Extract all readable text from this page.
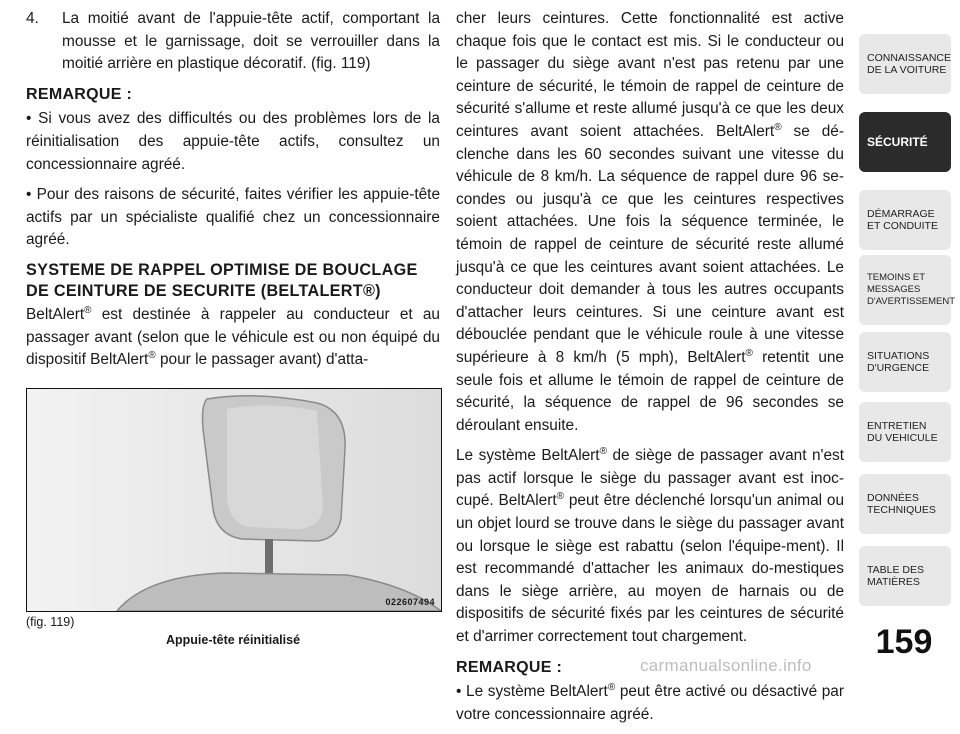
4. La moitié avant de l'appuie-tête actif, comportant la mousse et le garnissage, doit se verrouiller dans la moitié arrière en plastique décoratif. (fig. 119)

REMARQUE :

• Si vous avez des difficultés ou des problèmes lors de la réinitialisation des appuie-tête actifs, consultez un concessionnaire agréé.

• Pour des raisons de sécurité, faites vérifier les appuie-tête actifs par un spécialiste qualifié chez un concessionnaire agréé.

SYSTEME DE RAPPEL OPTIMISE DE BOUCLAGE DE CEINTURE DE SECURITE (BELTALERT®)

BeltAlert® est destinée à rappeler au conducteur et au passager avant (selon que le véhicule est ou non équipé du dispositif BeltAlert® pour le passager avant) d'atta-

022607494
(fig. 119)
Appuie-tête réinitialisé

cher leurs ceintures. Cette fonctionnalité est active chaque fois que le contact est mis. Si le conducteur ou le passager du siège avant n'est pas retenu par une ceinture de sécurité, le témoin de rappel de ceinture de sécurité s'allume et reste allumé jusqu'à ce que les deux ceintures avant soient attachées. BeltAlert® se dé-clenche dans les 60 secondes suivant une vitesse du véhicule de 8 km/h. La séquence de rappel dure 96 se-condes ou jusqu'à ce que les ceintures respectives soient attachées. Une fois la séquence terminée, le témoin de rappel de ceinture de sécurité reste allumé jusqu'à ce que les ceintures avant soient attachées. Le conducteur doit demander à tous les autres occupants d'attacher leurs ceintures. Si une ceinture avant est débouclée pendant que le véhicule roule à une vitesse supérieure à 8 km/h (5 mph), BeltAlert® retentit une seule fois et allume le témoin de rappel de ceinture de sécurité, la séquence de rappel de 96 secondes se déroulant ensuite.

Le système BeltAlert® de siège de passager avant n'est pas actif lorsque le siège du passager avant est inoc-cupé. BeltAlert® peut être déclenché lorsqu'un animal ou un objet lourd se trouve dans le siège du passager avant ou lorsque le siège est rabattu (selon l'équipe-ment). Il est recommandé d'attacher les animaux do-mestiques dans le siège arrière, au moyen de harnais ou de dispositifs de sécurité fixés par les ceintures de sécurité et d'arrimer correctement tout chargement.

REMARQUE :

• Le système BeltAlert® peut être activé ou désactivé par votre concessionnaire agréé.

CONNAISSANCE DE LA VOITURE
SÉCURITÉ
DÉMARRAGE ET CONDUITE
TEMOINS ET MESSAGES D'AVERTISSEMENT
SITUATIONS D'URGENCE
ENTRETIEN DU VEHICULE
DONNÉES TECHNIQUES
TABLE DES MATIÈRES
159
carmanualsonline.info
